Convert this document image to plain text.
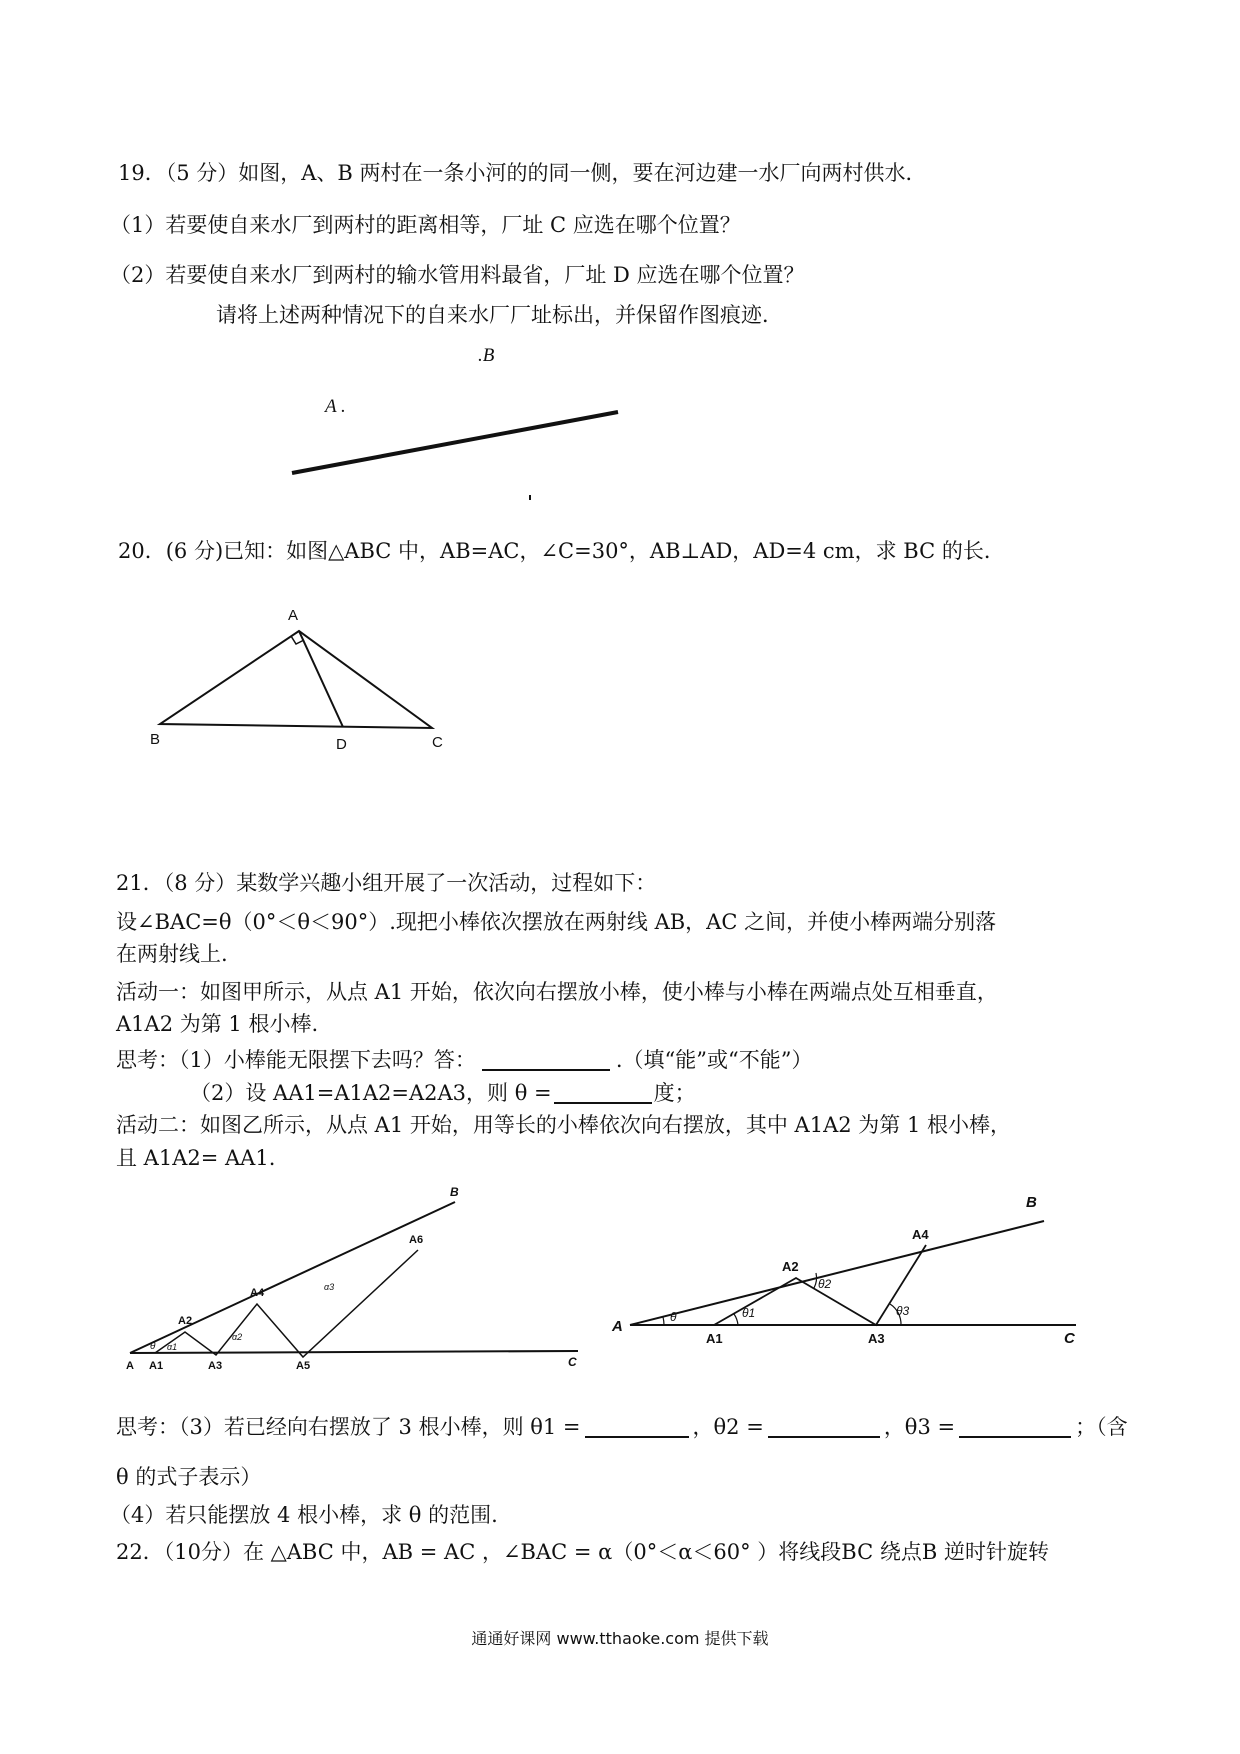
19．（5 分）如图，A、B 两村在一条小河的的同一侧，要在河边建一水厂向两村供水．
（1）若要使自来水厂到两村的距离相等，厂址 C 应选在哪个位置？
（2）若要使自来水厂到两村的输水管用料最省，厂址 D 应选在哪个位置？
请将上述两种情况下的自来水厂厂址标出，并保留作图痕迹．
.B
A .
20．(6 分)已知：如图△ABC 中，AB=AC，∠C=30°，AB⊥AD，AD=4 cm，求 BC 的长．
A
B	D	C
21．（8 分）某数学兴趣小组开展了一次活动，过程如下：
设∠BAC=θ（0°＜θ＜90°）.现把小棒依次摆放在两射线 AB，AC 之间，并使小棒两端分别落
在两射线上.
活动一：如图甲所示，从点 A1 开始，依次向右摆放小棒，使小棒与小棒在两端点处互相垂直，
A1A2 为第 1 根小棒.
思考：（1）小棒能无限摆下去吗？答：	.（填“能”或“不能”）
（2）设 AA1=A1A2=A2A3，则 θ =	度；
活动二：如图乙所示，从点 A1 开始，用等长的小棒依次向右摆放，其中 A1A2 为第 1 根小棒，
且 A1A2= AA1.
A A1	A3	A5
A2
A4
A6
B
C
θ α1
α2
α3
A
A1	A3
A2
A4
B
C
θ	θ1
θ2
θ3
思考：（3）若已经向右摆放了 3 根小棒，则 θ1 =	，θ2 =	，θ3 =	；（含
θ 的式子表示）
（4）若只能摆放 4 根小棒，求 θ 的范围.
22．（10分）在 △ABC 中，AB = AC ，∠BAC = α（0°＜α＜60° ）将线段BC 绕点B 逆时针旋转
通通好课网 www.tthaoke.com 提供下载
